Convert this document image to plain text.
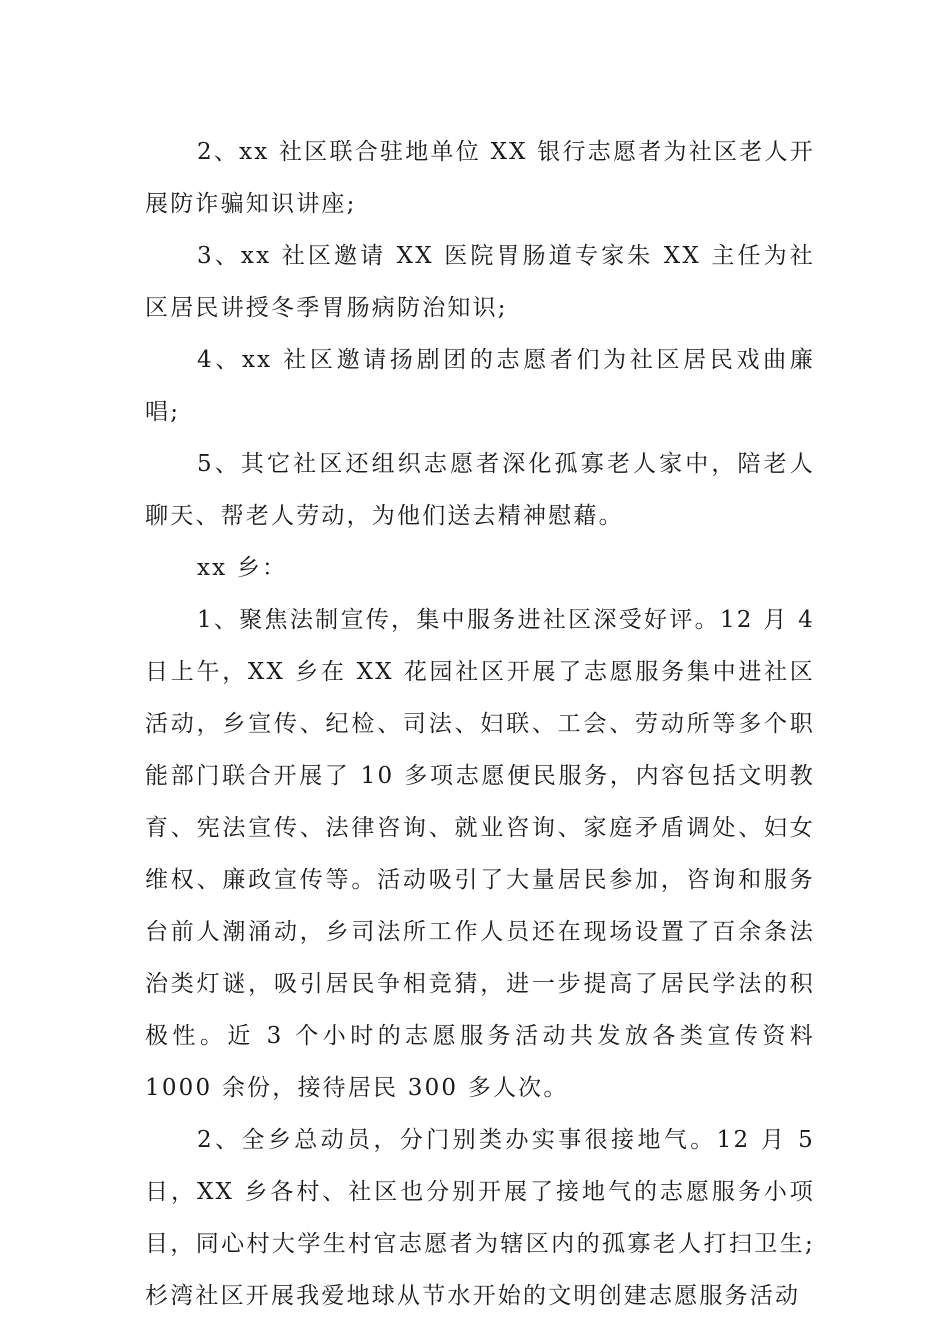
2、xx 社区联合驻地单位 XX 银行志愿者为社区老人开展防诈骗知识讲座;

3、xx 社区邀请 XX 医院胃肠道专家朱 XX 主任为社区居民讲授冬季胃肠病防治知识;

4、xx 社区邀请扬剧团的志愿者们为社区居民戏曲廉唱;

5、其它社区还组织志愿者深化孤寡老人家中，陪老人聊天、帮老人劳动，为他们送去精神慰藉。

xx 乡：

1、聚焦法制宣传，集中服务进社区深受好评。12 月 4 日上午，XX 乡在 XX 花园社区开展了志愿服务集中进社区活动，乡宣传、纪检、司法、妇联、工会、劳动所等多个职能部门联合开展了 10 多项志愿便民服务，内容包括文明教育、宪法宣传、法律咨询、就业咨询、家庭矛盾调处、妇女维权、廉政宣传等。活动吸引了大量居民参加，咨询和服务台前人潮涌动，乡司法所工作人员还在现场设置了百余条法治类灯谜，吸引居民争相竞猜，进一步提高了居民学法的积极性。近 3 个小时的志愿服务活动共发放各类宣传资料 1000 余份，接待居民 300 多人次。

2、全乡总动员，分门别类办实事很接地气。12 月 5 日，XX 乡各村、社区也分别开展了接地气的志愿服务小项目，同心村大学生村官志愿者为辖区内的孤寡老人打扫卫生;杉湾社区开展我爱地球从节水开始的文明创建志愿服务活动
